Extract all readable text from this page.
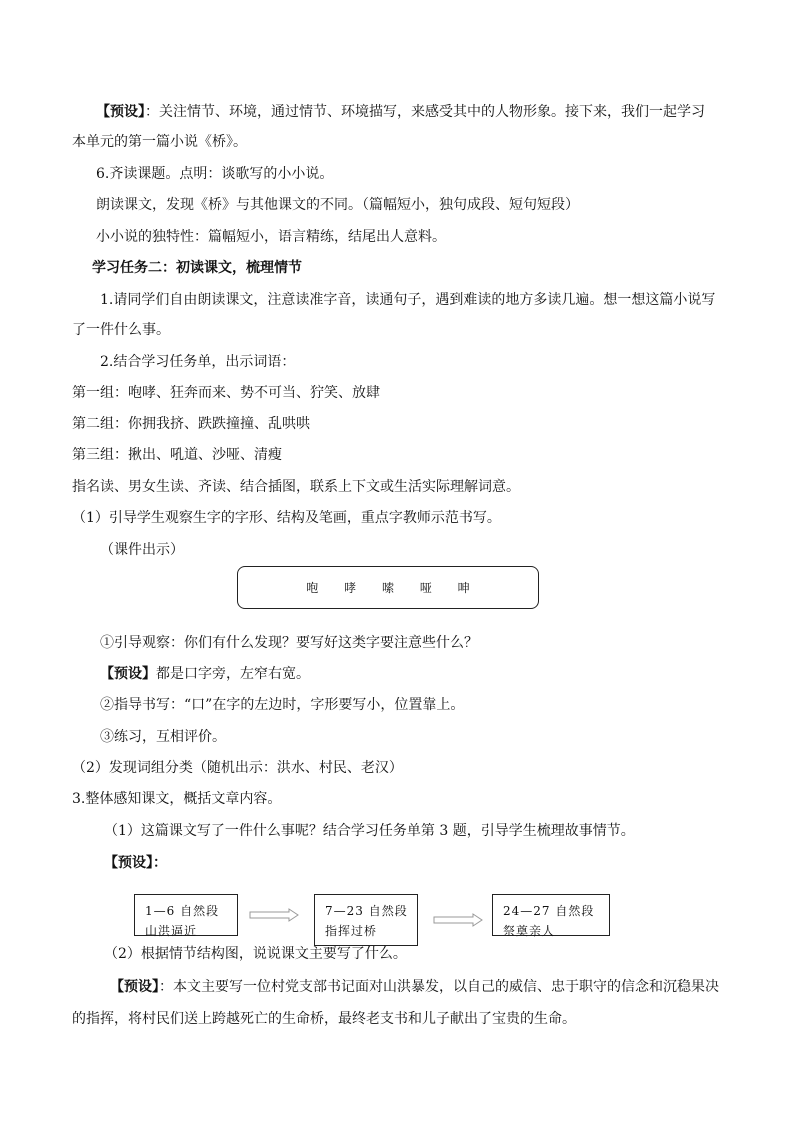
【预设】：关注情节、环境，通过情节、环境描写，来感受其中的人物形象。接下来，我们一起学习
本单元的第一篇小说《桥》。
6.齐读课题。点明：谈歌写的小小说。
朗读课文，发现《桥》与其他课文的不同。（篇幅短小，独句成段、短句短段）
小小说的独特性：篇幅短小，语言精练，结尾出人意料。
学习任务二：初读课文，梳理情节
1.请同学们自由朗读课文，注意读准字音，读通句子，遇到难读的地方多读几遍。想一想这篇小说写
了一件什么事。
2.结合学习任务单，出示词语：
第一组：咆哮、狂奔而来、势不可当、狞笑、放肆
第二组：你拥我挤、跌跌撞撞、乱哄哄
第三组：揪出、吼道、沙哑、清瘦
指名读、男女生读、齐读、结合插图，联系上下文或生活实际理解词意。
（1）引导学生观察生字的字形、结构及笔画，重点字教师示范书写。
（课件出示）
咆 哮 嗦 哑 呻
①引导观察：你们有什么发现？要写好这类字要注意些什么？
【预设】都是口字旁，左窄右宽。
②指导书写：“口”在字的左边时，字形要写小，位置靠上。
③练习，互相评价。
（2）发现词组分类（随机出示：洪水、村民、老汉）
3.整体感知课文，概括文章内容。
（1）这篇课文写了一件什么事呢？结合学习任务单第 3 题，引导学生梳理故事情节。
【预设】：
1—6 自然段
山洪逼近
7—23 自然段
指挥过桥
24—27 自然段
祭奠亲人
（2）根据情节结构图，说说课文主要写了什么。
【预设】：本文主要写一位村党支部书记面对山洪暴发，以自己的威信、忠于职守的信念和沉稳果决
的指挥，将村民们送上跨越死亡的生命桥，最终老支书和儿子献出了宝贵的生命。
